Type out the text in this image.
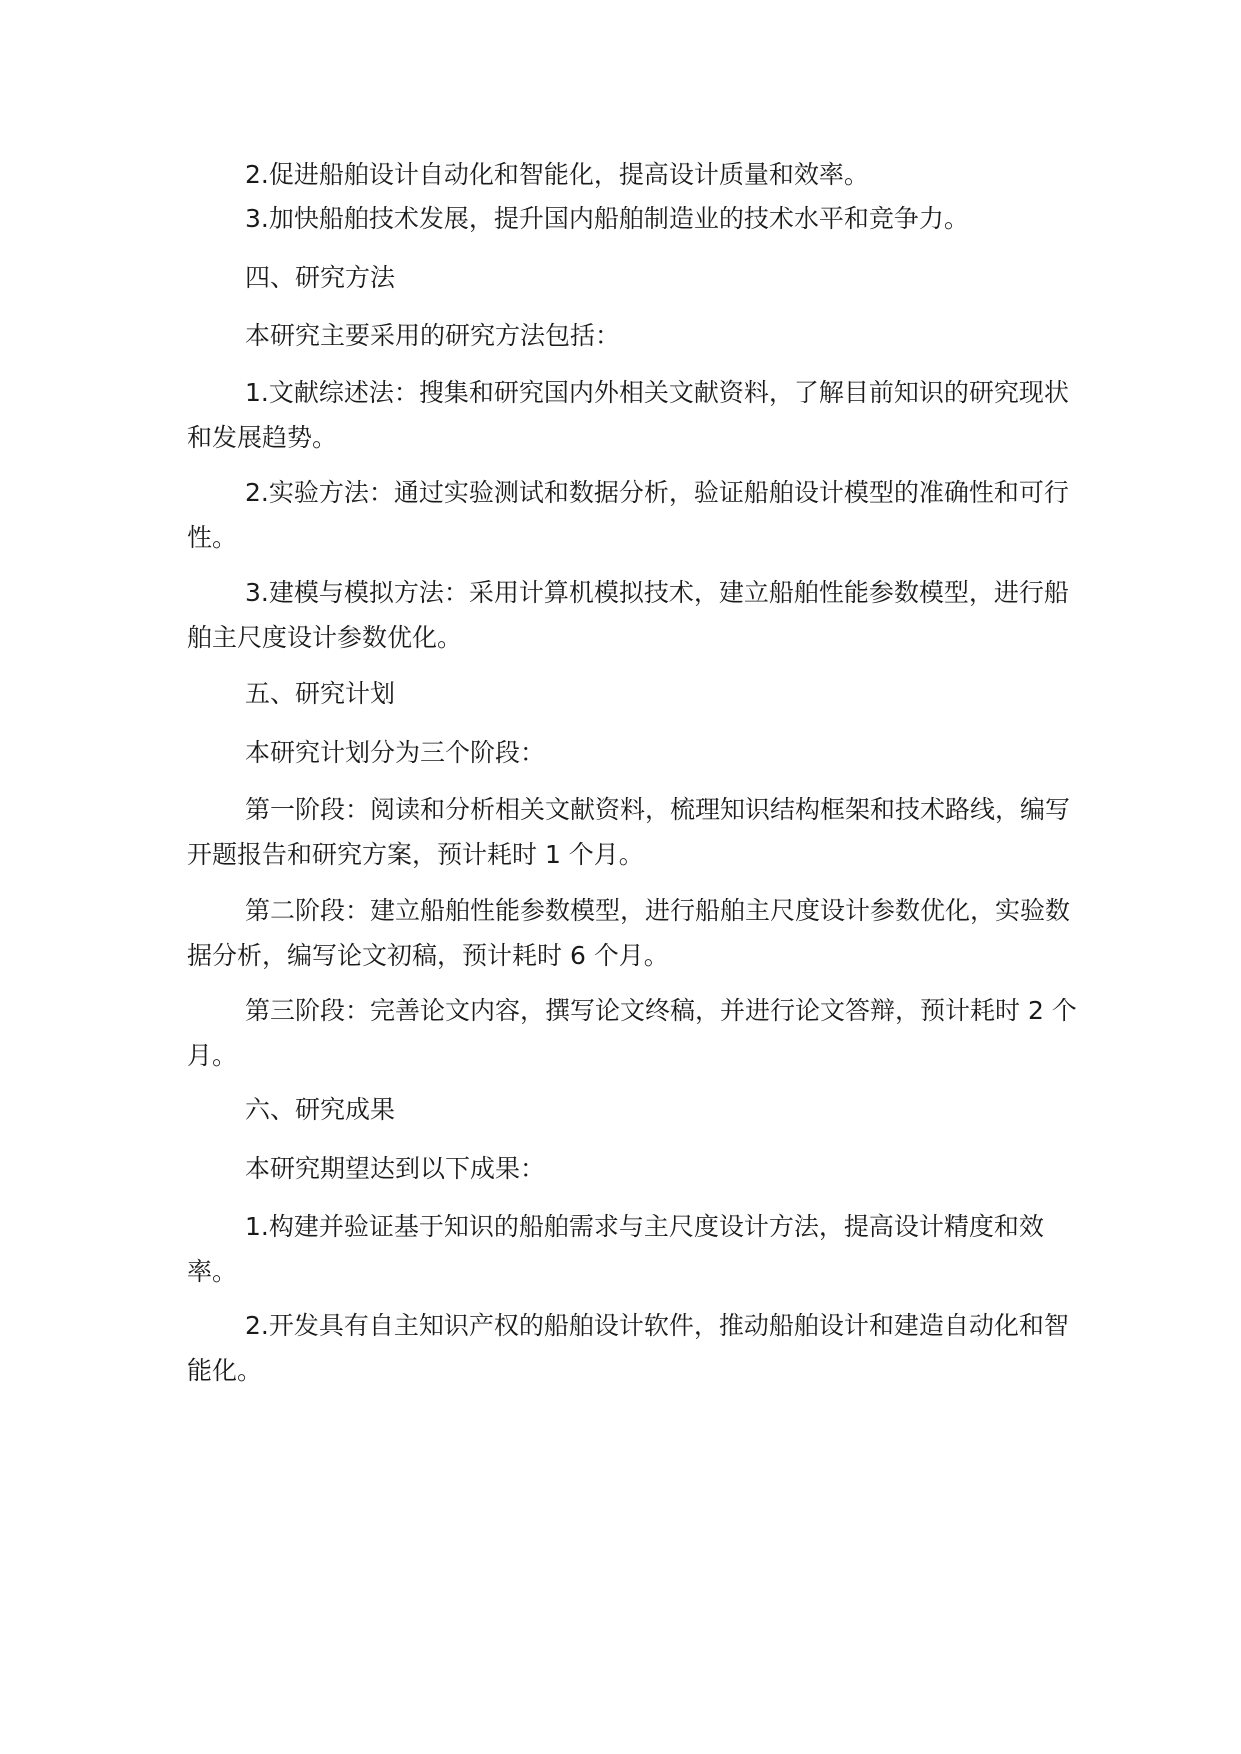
2.促进船舶设计自动化和智能化，提高设计质量和效率。

3.加快船舶技术发展，提升国内船舶制造业的技术水平和竞争力。

四、研究方法

本研究主要采用的研究方法包括：

1.文献综述法：搜集和研究国内外相关文献资料，了解目前知识的研究现状和发展趋势。

2.实验方法：通过实验测试和数据分析，验证船舶设计模型的准确性和可行性。

3.建模与模拟方法：采用计算机模拟技术，建立船舶性能参数模型，进行船舶主尺度设计参数优化。

五、研究计划

本研究计划分为三个阶段：

第一阶段：阅读和分析相关文献资料，梳理知识结构框架和技术路线，编写开题报告和研究方案，预计耗时 1 个月。

第二阶段：建立船舶性能参数模型，进行船舶主尺度设计参数优化，实验数据分析，编写论文初稿，预计耗时 6 个月。

第三阶段：完善论文内容，撰写论文终稿，并进行论文答辩，预计耗时 2 个月。

六、研究成果

本研究期望达到以下成果：

1.构建并验证基于知识的船舶需求与主尺度设计方法，提高设计精度和效率。

2.开发具有自主知识产权的船舶设计软件，推动船舶设计和建造自动化和智能化。
